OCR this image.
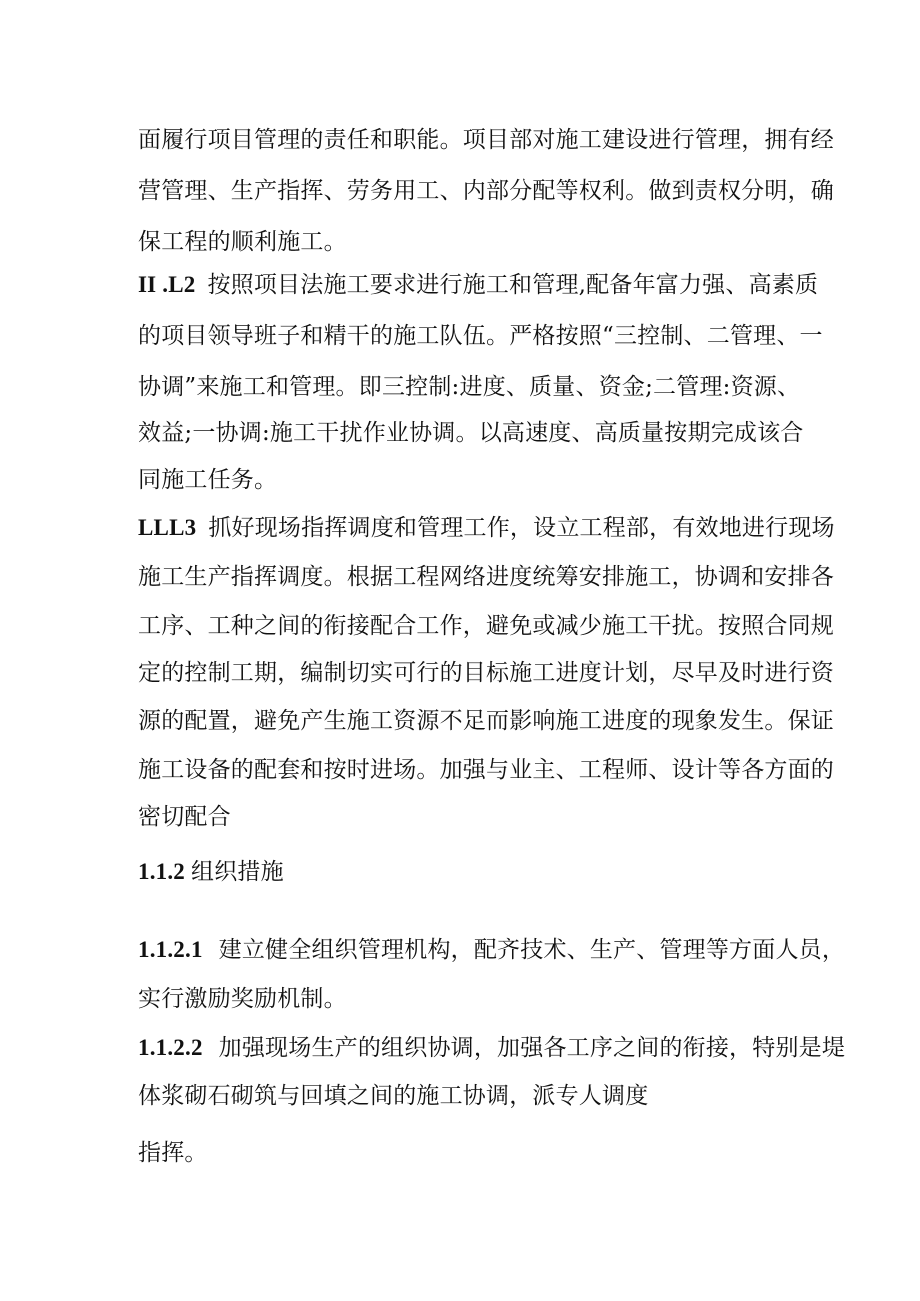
面履行项目管理的责任和职能。项目部对施工建设进行管理，拥有经
营管理、生产指挥、劳务用工、内部分配等权利。做到责权分明，确
保工程的顺利施工。
II .L2 按照项目法施工要求进行施工和管理,配备年富力强、高素质
的项目领导班子和精干的施工队伍。严格按照“三控制、二管理、一
协调”来施工和管理。即三控制:进度、质量、资金;二管理:资源、
效益;一协调:施工干扰作业协调。以高速度、高质量按期完成该合
同施工任务。
LLL3 抓好现场指挥调度和管理工作，设立工程部，有效地进行现场
施工生产指挥调度。根据工程网络进度统筹安排施工，协调和安排各
工序、工种之间的衔接配合工作，避免或减少施工干扰。按照合同规
定的控制工期，编制切实可行的目标施工进度计划，尽早及时进行资
源的配置，避免产生施工资源不足而影响施工进度的现象发生。保证
施工设备的配套和按时进场。加强与业主、工程师、设计等各方面的
密切配合
1.1.2 组织措施
1.1.2.1 建立健全组织管理机构，配齐技术、生产、管理等方面人员，
实行激励奖励机制。
1.1.2.2 加强现场生产的组织协调，加强各工序之间的衔接，特别是堤
体浆砌石砌筑与回填之间的施工协调，派专人调度
指挥。
